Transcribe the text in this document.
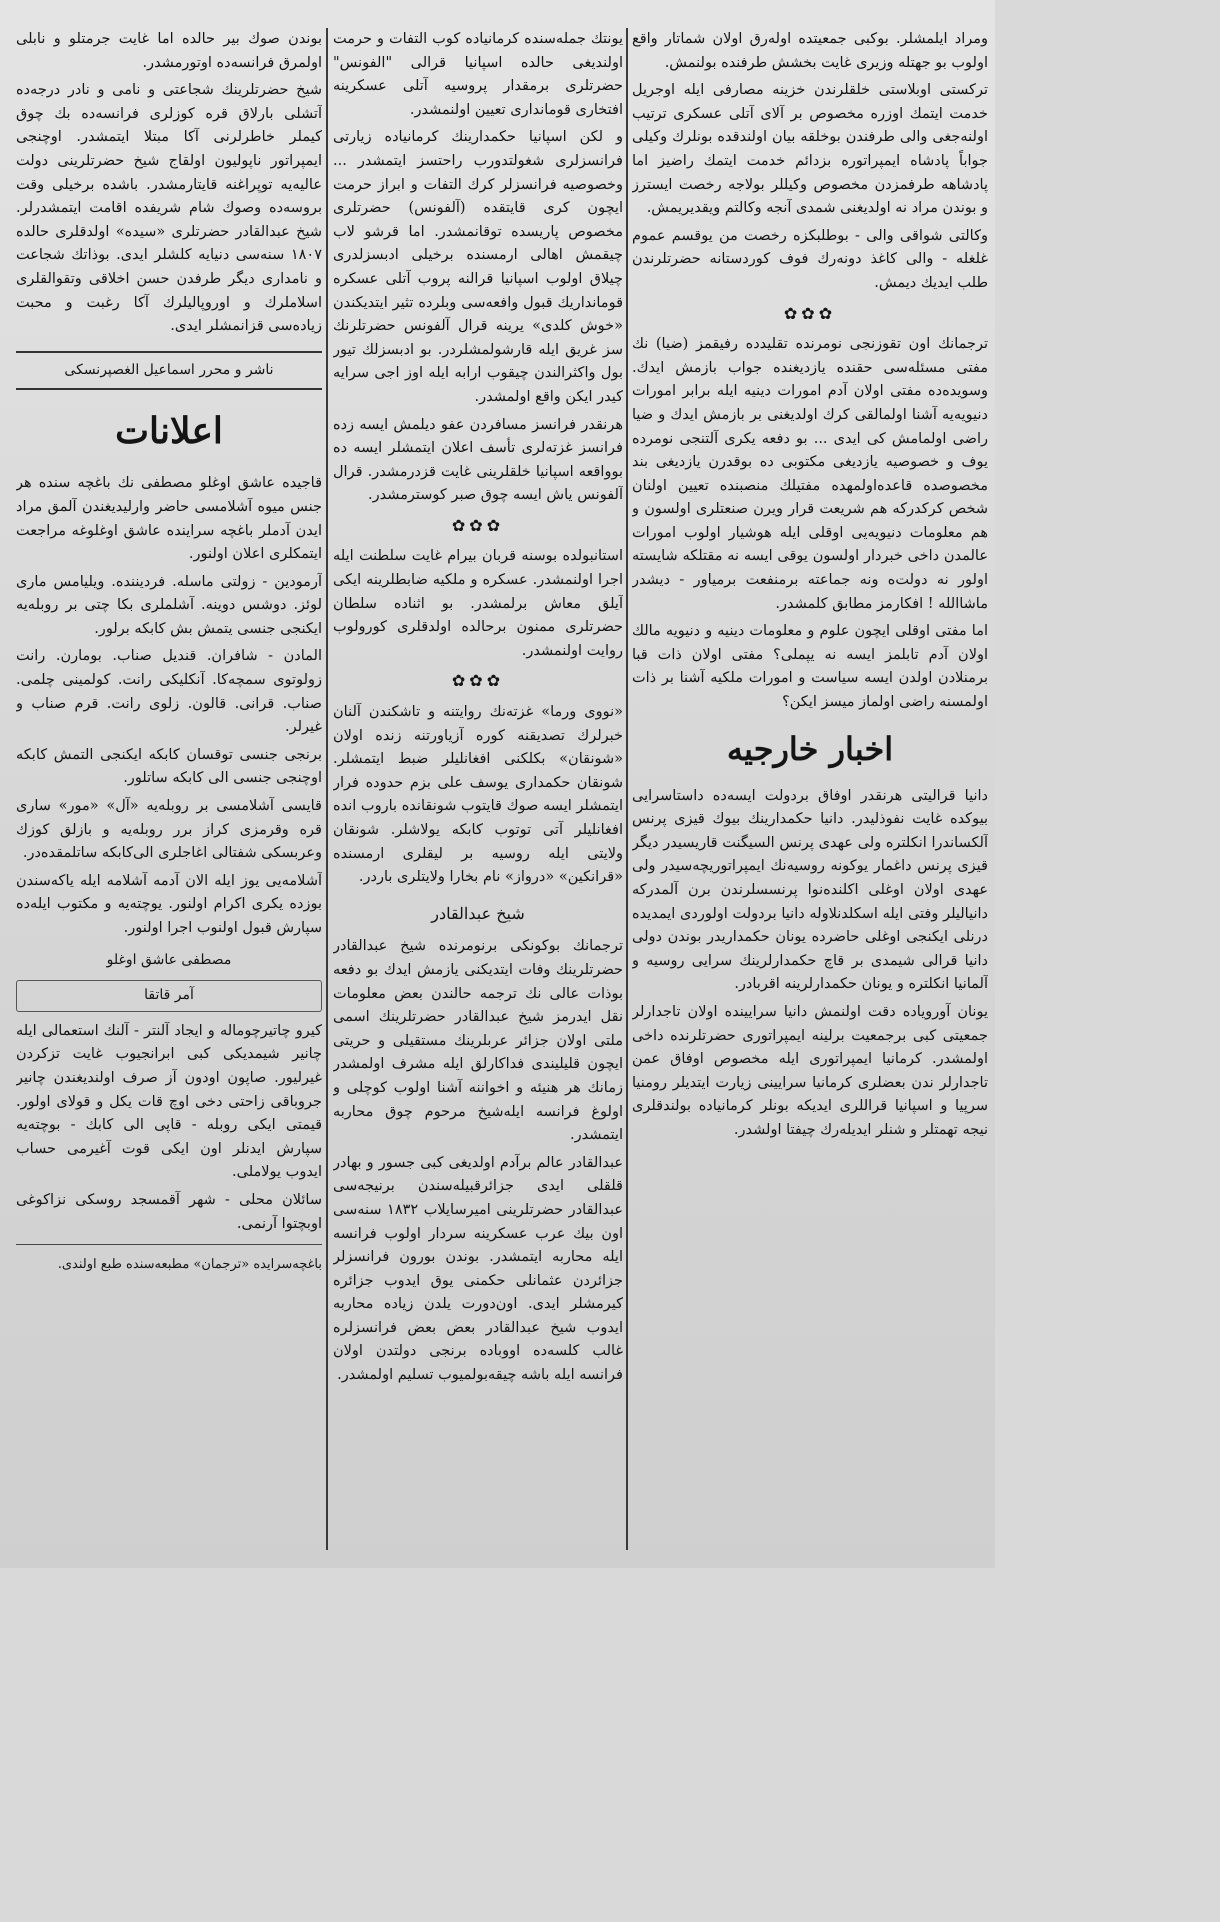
ومراد ایلمشلر. بوکبی جمعیتده اوله‌رق اولان شماتار واقع اولوب بو جهتله وزیری غایت بخشش طرفنده بولنمش.

ترکستی اوبلاستی خلقلرندن خزینه مصارفی ایله اوجریل خدمت ایتمك اوزره مخصوص بر آلای آتلی عسکری ترتیب اولنه‌جغی والی طرفندن بوخلقه بیان اولندقده بونلرك وکیلی جواباً پادشاه ایمپراتوره بزدائم خدمت ایتمك راضیز اما پادشاهه طرفمزدن مخصوص وکیللر بولاجه رخصت ایسترز و بوندن مراد نه اولدیغنی شمدی آنجه وکالتم ویقدیریمش.

وکالتی شواقی والی - بوطلبکزه رخصت من یوقسم عموم غلغله - والی کاغذ دونه‌رك فوف کوردستانه حضرتلرندن طلب ایدیك دیمش.

✿✿✿

ترجمانك اون تقوزنجی نومرنده تقلیدده رفیقمز (ضیا) نك مفتی مسئله‌سی حقنده یازدیغنده جواب بازمش ایدك. وسویده‌ده مفتی اولان آدم امورات دینیه ایله برابر امورات دنیویه‌یه آشنا اولمالقی کرك اولدیغنی بر بازمش ایدك و ضیا راضی اولمامش کی ایدی ... بو دفعه یکری آلتنجی نومرده یوف و خصوصیه یازدیغی مکتوبی ده بوقدرن یازدیغی بند مخصوصده قاعده‌اولمهده مفتیلك منصبنده تعیین اولنان شخص کرکدرکه هم شریعت قرار ویرن صنعتلری اولسون و هم معلومات دنیویه‌یی اوقلی ایله هوشیار اولوب امورات عالمدن داخی خبردار اولسون یوقی ایسه نه مقتلکه شایسته اولور نه دولت‌ه ونه جماعته برمنفعت برمیاور - دیشدر ماشاالله ! افکارمز مطابق کلمشدر.

اما مفتی اوقلی ایچون علوم و معلومات دینیه و دنیویه مالك اولان آدم تابلمز ایسه نه یپملی؟ مفتی اولان ذات قبا برمنلادن اولدن ایسه سیاست و امورات ملکیه آشنا بر ذات اولمسنه راضی اولماز میسز ایکن؟

اخبار خارجیه

دانیا قرالیتی هرنقدر اوفاق بردولت ایسه‌ده داستاسرایی بیوکده غایت نفوذلیدر. دانیا حکمدارینك بیوك قیزی پرنس آلکساندرا انکلتره ولی عهدی پرنس السیگنت قاریسیدر دیگر قیزی پرنس داغمار یوکونه روسیه‌نك ایمپراتوریچه‌سیدر ولی عهدی اولان اوغلی اکلنده‌نوا پرنسسلرندن برن آلمدرکه دانیالیلر وفتی ایله اسکلدنلاوله دانیا بردولت اولوردی ایمدیده درنلی ایکنجی اوغلی حاضرده یونان حکمداریدر بوندن دولی دانیا قرالی شیمدی بر قاچ حکمدارلرینك سرایی روسیه و آلمانیا انکلتره و یونان حکمدارلرینه اقربادر.

یونان آورویاده دقت اولنمش دانیا سرایینده اولان تاجدارلر جمعیتی کبی برجمعیت برلینه ایمپراتوری حضرتلرنده داخی اولمشدر. کرمانیا ایمپراتوری ایله مخصوص اوفاق عمن تاجدارلر ندن بعضلری کرمانیا سرایینی زیارت ایتدیلر رومنیا سرپیا و اسپانیا قراللری ایدیکه بونلر کرمانیاده بولندقلری نیجه تهمتلر و شنلر ایدیله‌رك چیفتا اولشدر.

یونتك جمله‌سنده کرمانیاده کوب التفات و حرمت اولندیغی حالده اسپانیا قرالی "الفونس" حضرتلری برمقدار پروسیه آتلی عسکرینه افتخاری قومانداری تعیین اولنمشدر.

و لکن اسپانیا حکمدارینك کرمانیاده زیارتی فرانسزلری شغولتدورب راحتسز ایتمشدر ... وخصوصیه فرانسزلر کرك التفات و ابراز حرمت ایچون کری قایتقده (آلفونس) حضرتلری مخصوص پاریسده توقانمشدر. اما قرشو لاب چیقمش اهالی ارمسنده برخیلی ادبسزلدری چیلاق اولوب اسپانیا قرالنه پروب آتلی عسکره قومانداریك قبول وافعه‌سی وبلرده تثیر ایتدیکندن «خوش کلدی» یرینه قرال آلفونس حضرتلرنك سز غریق ایله قارشولمشلردر. بو ادبسزلك تیور بول واکثرالندن چیقوب ارابه ایله اوز اجی سرایه کیدر ایکن واقع اولمشدر.

هرنقدر فرانسز مسافردن عفو دیلمش ایسه زده فرانسز غزته‌لری تأسف اعلان ایتمشلر ایسه ده بوواقعه اسپانیا خلقلرینی غایت قزدرمشدر. قرال آلفونس یاش ایسه چوق صبر کوسترمشدر.

✿✿✿

استانبولده بوسنه قربان بیرام غایت سلطنت ایله اجرا اولنمشدر. عسکره و ملکیه ضابطلرینه ایکی آیلق معاش برلمشدر. بو اثناده سلطان حضرتلری ممنون برحالده اولدقلری کورولوب روایت اولنمشدر.

✿✿✿

«نووی ورما» غزته‌نك روایتنه و تاشکندن آلنان خبرلرك تصدیقنه کوره آزیاورتنه زنده اولان «شونقان» بکلکنی افغانلیلر ضبط ایتمشلر. شونقان حکمداری یوسف علی بزم حدوده فرار ایتمشلر ایسه صوك قایتوب شونقانده باروب انده افغانلیلر آتی توتوب کابکه یولاشلر. شونقان ولایتی ایله روسیه بر لیقلری ارمسنده «قرانکین» «درواز» نام بخارا ولایتلری باردر.

شیخ عبدالقادر

ترجمانك بوکونکی برنومرنده شیخ عبدالقادر حضرتلرینك وفات ایتدیکنی یازمش ایدك بو دفعه بوذات عالی نك ترجمه حالندن بعض معلومات نقل ایدرمز شیخ عبدالقادر حضرتلرینك اسمی ملتی اولان جزائر عربلرینك مستقیلی و حریتی ایچون قلیلیندی فداکارلق ایله مشرف اولمشدر زمانك هر هنیئه و اخواننه آشنا اولوب کوچلی و اولوغ فرانسه ایله‌شیخ مرحوم چوق محاربه ایتمشدر.

عبدالقادر عالم برآدم اولدیغی کبی جسور و بهادر قلقلی ایدی جزائرقبیله‌سندن برنیجه‌سی عبدالقادر حضرتلرینی امیرسایلاب ۱۸۳۲ سنه‌سی اون بیك عرب عسکرینه سردار اولوب فرانسه ایله محاربه ایتمشدر. بوندن بورون فرانسزلر جزائردن عثمانلی حکمنی یوق ایدوب جزائره کیرمشلر ایدی. اون‌دورت یلدن زیاده محاربه ایدوب شیخ عبدالقادر بعض بعض فرانسزلره غالب کلسه‌ده اووباده برنجی دولتدن اولان فرانسه ایله باشه چیقه‌بولمیوب تسلیم اولمشدر.

بوندن صوك بیر حالده اما غایت جرمتلو و نابلی اولمرق فرانسه‌ده اوتورمشدر.

شیخ حضرتلرینك شجاعتی و نامی و نادر درجه‌ده آتشلی بارلاق قره کوزلری فرانسه‌ده بك چوق کیملر خاطرلرنی آکا مبتلا ایتمشدر. اوچنجی ایمپراتور ناپولیون اولقاج شیخ حضرتلرینی دولت عالیه‌یه توپراغنه قایتارمشدر. باشده برخیلی وقت بروسه‌ده وصوك شام شریفده اقامت ایتمشدرلر. شیخ عبدالقادر حضرتلری «سیده» اولدقلری حالده ۱۸۰۷ سنه‌سی دنیایه کلشلر ایدی. بوذاتك شجاعت و نامداری دیگر طرفدن حسن اخلاقی وتقوالقلری اسلاملرك و اوروپالیلرك آکا رغبت و محبت زیاده‌سی قزانمشلر ایدی.

ناشر و محرر اسماعیل الغصپرنسکی
اعلانات

قاجیده عاشق اوغلو مصطفی نك باغچه سنده هر جنس میوه آشلامسی حاضر وارلیدیغندن آلمق مراد ایدن آدملر باغچه سراینده عاشق اوغلوغه مراجعت ایتمکلری اعلان اولنور.

آرمودین - زولتی ماسله. فردیننده. ویلیامس ماری لوئز. دوشس دوینه. آشلملری بکا چتی بر روبله‌یه ایکنجی جنسی یتمش بش کابکه برلور.

المادن - شافران. قندیل صناب. بومارن. رانت زولوتوی سمچه‌کا. آنکلیکی رانت. کولمینی چلمی. صناب. قرانی. قالون. زلوی رانت. قرم صناب و غیرلر.

برنجی جنسی توقسان کابکه ایکنجی التمش کابکه اوچنجی جنسی الی کابکه ساتلور.

قایسی آشلامسی بر روبله‌یه «آل» «مور» ساری قره وقرمزی کراز برر روبله‌یه و بازلق کوزك وعربسکی شفتالی اغاجلری الی‌کابکه ساتلمقده‌در.

آشلامه‌یی یوز ایله الان آدمه آشلامه ایله یاکه‌سندن بوزده یکری اکرام اولنور. یوچته‌یه و مکتوب ایله‌ده سپارش قبول اولنوب اجرا اولنور.

مصطفی عاشق اوغلو
آمر قاتقا

کیرو چاتیرچوماله و ایجاد آلنتر - آلنك استعمالی ایله چانیر شیمدیکی کبی ابرانجیوب غایت تزکردن غیرلیور. صاپون اودون آز صرف اولندیغندن چانیر جروباقی زاحتی دخی اوچ قات یکل و قولای اولور. قیمتی ایکی روبله - قاپی الی کابك - بوچته‌یه سپارش ایدنلر اون ایکی قوت آغیرمی حساب ایدوب یولاملی.

سائلان محلی - شهر آقمسجد روسکی نزاکوغی اوبچتوا آرنمی.

باغچه‌سرایده «ترجمان» مطبعه‌سنده طبع اولندی.
